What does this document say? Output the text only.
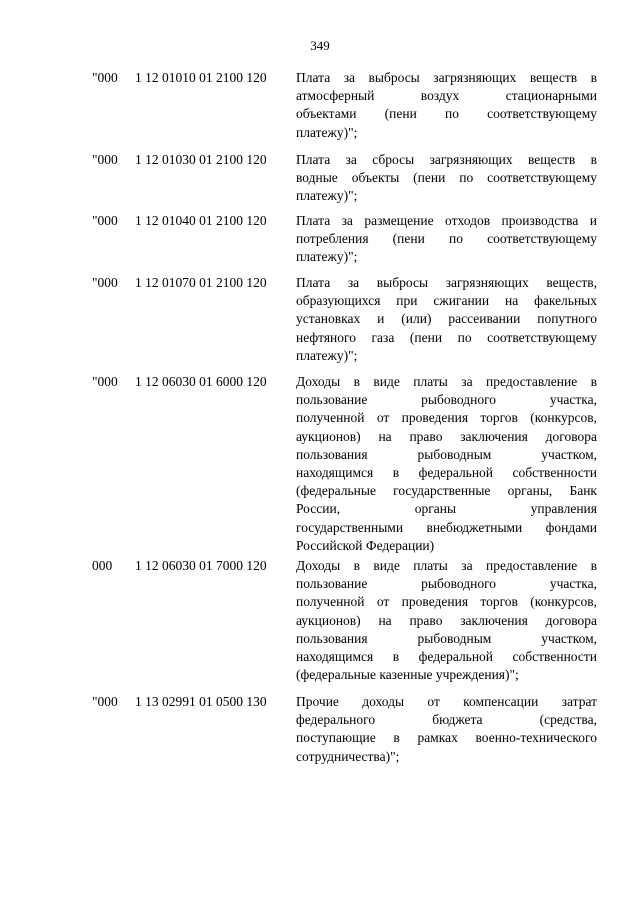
349
"000 1 12 01010 01 2100 120 Плата за выбросы загрязняющих веществ в
атмосферный воздух стационарными
объектами (пени по соответствующему
платежу)";
"000 1 12 01030 01 2100 120 Плата за сбросы загрязняющих веществ в
водные объекты (пени по соответствующему
платежу)";
"000 1 12 01040 01 2100 120 Плата за размещение отходов производства и
потребления (пени по соответствующему
платежу)";
"000 1 12 01070 01 2100 120 Плата за выбросы загрязняющих веществ,
образующихся при сжигании на факельных
установках и (или) рассеивании попутного
нефтяного газа (пени по соответствующему
платежу)";
"000 1 12 06030 01 6000 120 Доходы в виде платы за предоставление в
пользование рыбоводного участка,
полученной от проведения торгов (конкурсов,
аукционов) на право заключения договора
пользования рыбоводным участком,
находящимся в федеральной собственности
(федеральные государственные органы, Банк
России, органы управления
государственными внебюджетными фондами
Российской Федерации)
000 1 12 06030 01 7000 120 Доходы в виде платы за предоставление в
пользование рыбоводного участка,
полученной от проведения торгов (конкурсов,
аукционов) на право заключения договора
пользования рыбоводным участком,
находящимся в федеральной собственности
(федеральные казенные учреждения)";
"000 1 13 02991 01 0500 130 Прочие доходы от компенсации затрат
федерального бюджета (средства,
поступающие в рамках военно-технического
сотрудничества)";
